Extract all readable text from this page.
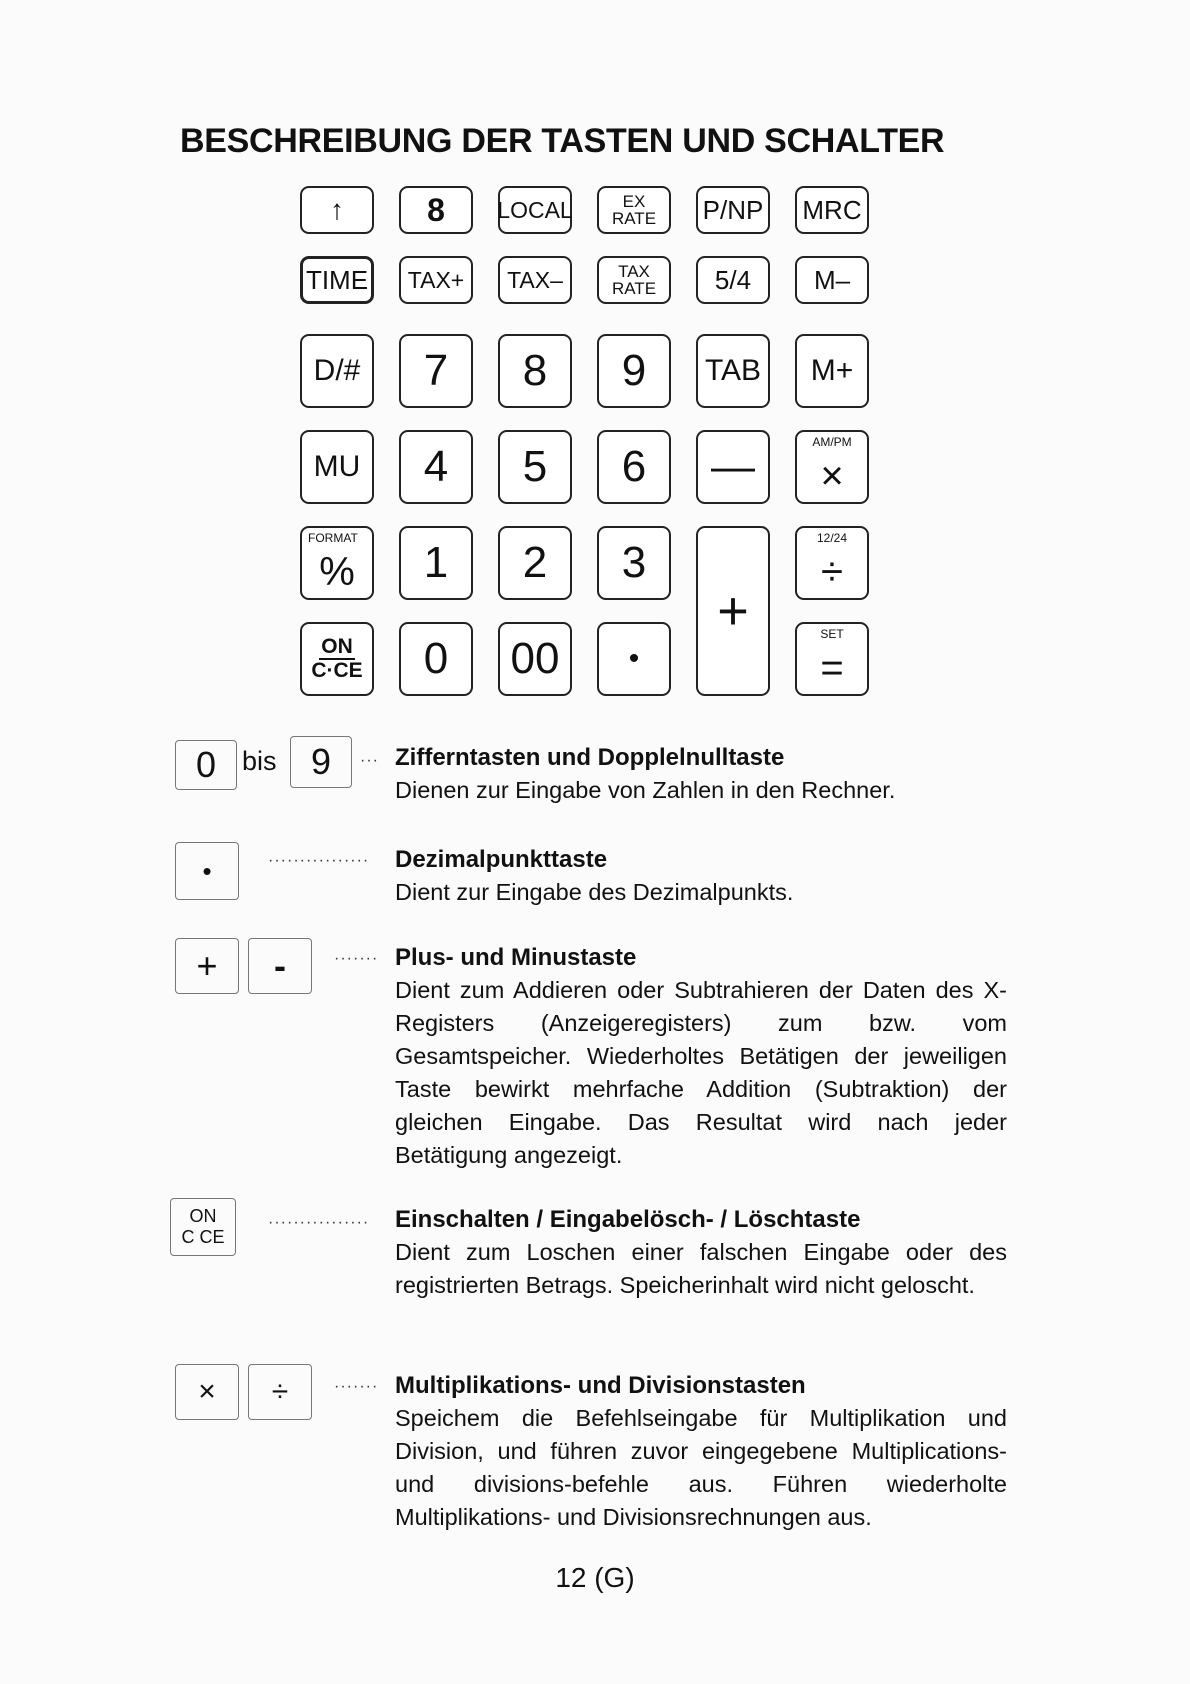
BESCHREIBUNG DER TASTEN UND SCHALTER
↑	8 LOCAL	EX
RATE P/NP MRC
TIME TAX+ TAX–	TAX
RATE 5/4 M–
D/# 7 8 9 TAB M+
MU 4 5 6 —	AM/PM
×
FORMAT
% 1 2 3
+
12/24
÷
ON
C·CE 0 00 •
SET
=
0 bis 9 ··· Zifferntasten und Dopplelnulltaste

Dienen zur Eingabe von Zahlen in den Rechner.

•	················ Dezimalpunkttaste

Dient zur Eingabe des Dezimalpunkts.

+ -	······· Plus- und Minustaste

Dient zum Addieren oder Subtrahieren der Daten des X-Registers (Anzeigeregisters) zum bzw. vom Gesamtspeicher. Wiederholtes Betätigen der jeweiligen Taste bewirkt mehrfache Addition (Subtraktion) der gleichen Eingabe. Das Resultat wird nach jeder Betätigung angezeigt.

ON
C CE
················ Einschalten / Eingabelösch- / Löschtaste

Dient zum Loschen einer falschen Eingabe oder des registrierten Betrags. Speicherinhalt wird nicht geloscht.

× ÷	······· Multiplikations- und Divisionstasten

Speichem die Befehlseingabe für Multiplikation und Division, und führen zuvor eingegebene Multiplications- und divisions-befehle aus. Führen wiederholte Multiplikations- und Divisionsrechnungen aus.

12 (G)
